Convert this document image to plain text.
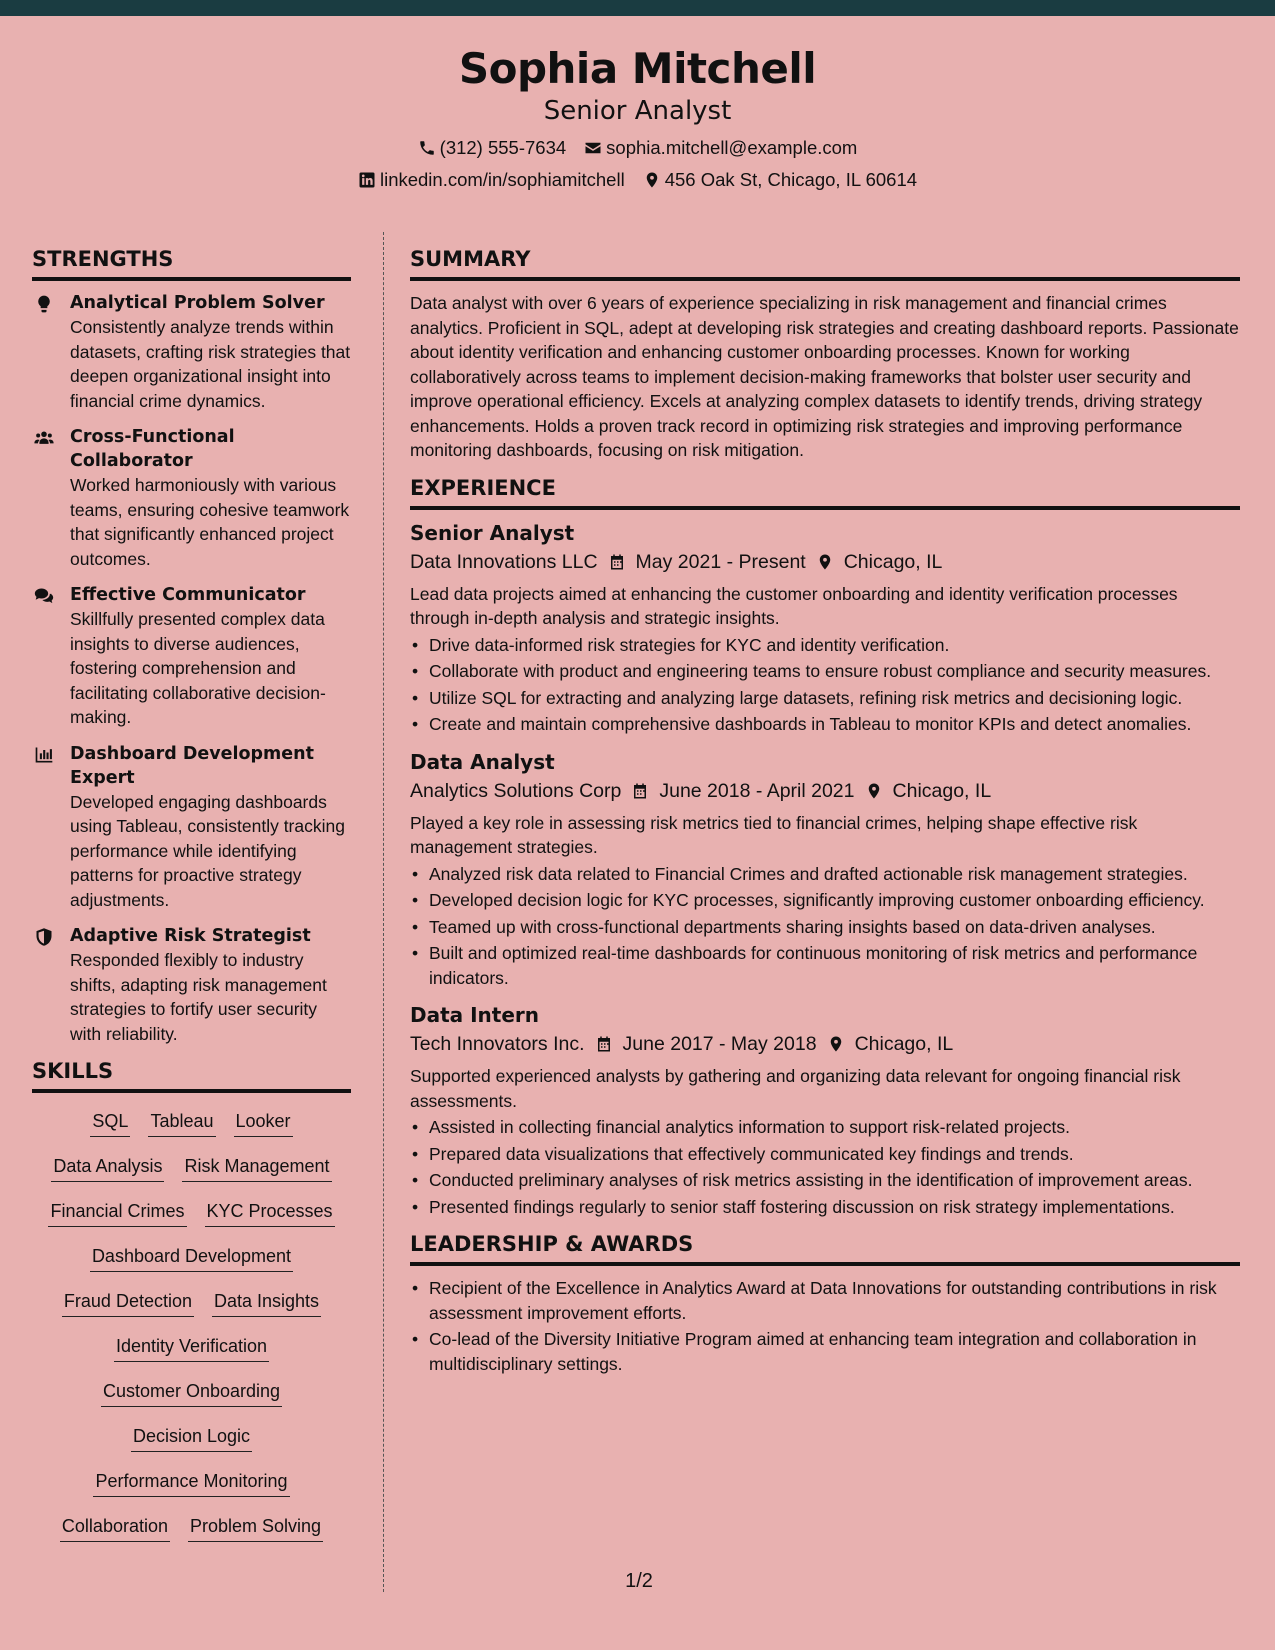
Sophia Mitchell
Senior Analyst
(312) 555-7634 sophia.mitchell@example.com
linkedin.com/in/sophiamitchell 456 Oak St, Chicago, IL 60614
STRENGTHS
Analytical Problem Solver
Consistently analyze trends within datasets, crafting risk strategies that deepen organizational insight into financial crime dynamics.
Cross-Functional Collaborator
Worked harmoniously with various teams, ensuring cohesive teamwork that significantly enhanced project outcomes.
Effective Communicator
Skillfully presented complex data insights to diverse audiences, fostering comprehension and facilitating collaborative decision-making.
Dashboard Development Expert
Developed engaging dashboards using Tableau, consistently tracking performance while identifying patterns for proactive strategy adjustments.
Adaptive Risk Strategist
Responded flexibly to industry shifts, adapting risk management strategies to fortify user security with reliability.
SKILLS
SQL Tableau Looker
Data Analysis Risk Management
Financial Crimes KYC Processes
Dashboard Development
Fraud Detection Data Insights
Identity Verification
Customer Onboarding
Decision Logic
Performance Monitoring
Collaboration Problem Solving
SUMMARY

Data analyst with over 6 years of experience specializing in risk management and financial crimes analytics. Proficient in SQL, adept at developing risk strategies and creating dashboard reports. Passionate about identity verification and enhancing customer onboarding processes. Known for working collaboratively across teams to implement decision-making frameworks that bolster user security and improve operational efficiency. Excels at analyzing complex datasets to identify trends, driving strategy enhancements. Holds a proven track record in optimizing risk strategies and improving performance monitoring dashboards, focusing on risk mitigation.

EXPERIENCE
Senior Analyst
Data Innovations LLC May 2021 - Present Chicago, IL

Lead data projects aimed at enhancing the customer onboarding and identity verification processes through in-depth analysis and strategic insights.

• Drive data-informed risk strategies for KYC and identity verification.
• Collaborate with product and engineering teams to ensure robust compliance and security measures.
• Utilize SQL for extracting and analyzing large datasets, refining risk metrics and decisioning logic.
• Create and maintain comprehensive dashboards in Tableau to monitor KPIs and detect anomalies.
Data Analyst
Analytics Solutions Corp June 2018 - April 2021 Chicago, IL

Played a key role in assessing risk metrics tied to financial crimes, helping shape effective risk management strategies.

• Analyzed risk data related to Financial Crimes and drafted actionable risk management strategies.
• Developed decision logic for KYC processes, significantly improving customer onboarding efficiency.
• Teamed up with cross-functional departments sharing insights based on data-driven analyses.
• Built and optimized real-time dashboards for continuous monitoring of risk metrics and performance indicators.
Data Intern
Tech Innovators Inc. June 2017 - May 2018 Chicago, IL

Supported experienced analysts by gathering and organizing data relevant for ongoing financial risk assessments.

• Assisted in collecting financial analytics information to support risk-related projects.
• Prepared data visualizations that effectively communicated key findings and trends.
• Conducted preliminary analyses of risk metrics assisting in the identification of improvement areas.
• Presented findings regularly to senior staff fostering discussion on risk strategy implementations.
LEADERSHIP & AWARDS
• Recipient of the Excellence in Analytics Award at Data Innovations for outstanding contributions in risk assessment improvement efforts.
• Co-lead of the Diversity Initiative Program aimed at enhancing team integration and collaboration in multidisciplinary settings.
1/2
